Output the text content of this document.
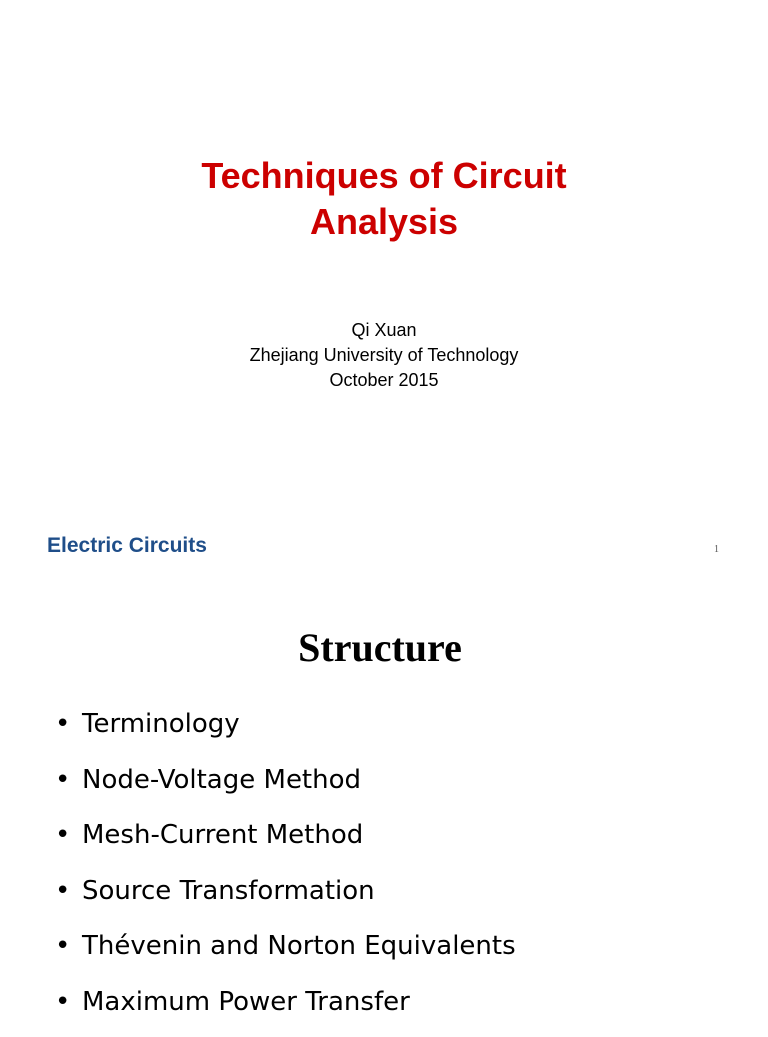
Techniques of Circuit
Analysis
Qi Xuan
Zhejiang University of Technology
October 2015
Electric Circuits	1
Structure
• Terminology
• Node-Voltage Method
• Mesh-Current Method
• Source Transformation
• Thévenin and Norton Equivalents
• Maximum Power Transfer
